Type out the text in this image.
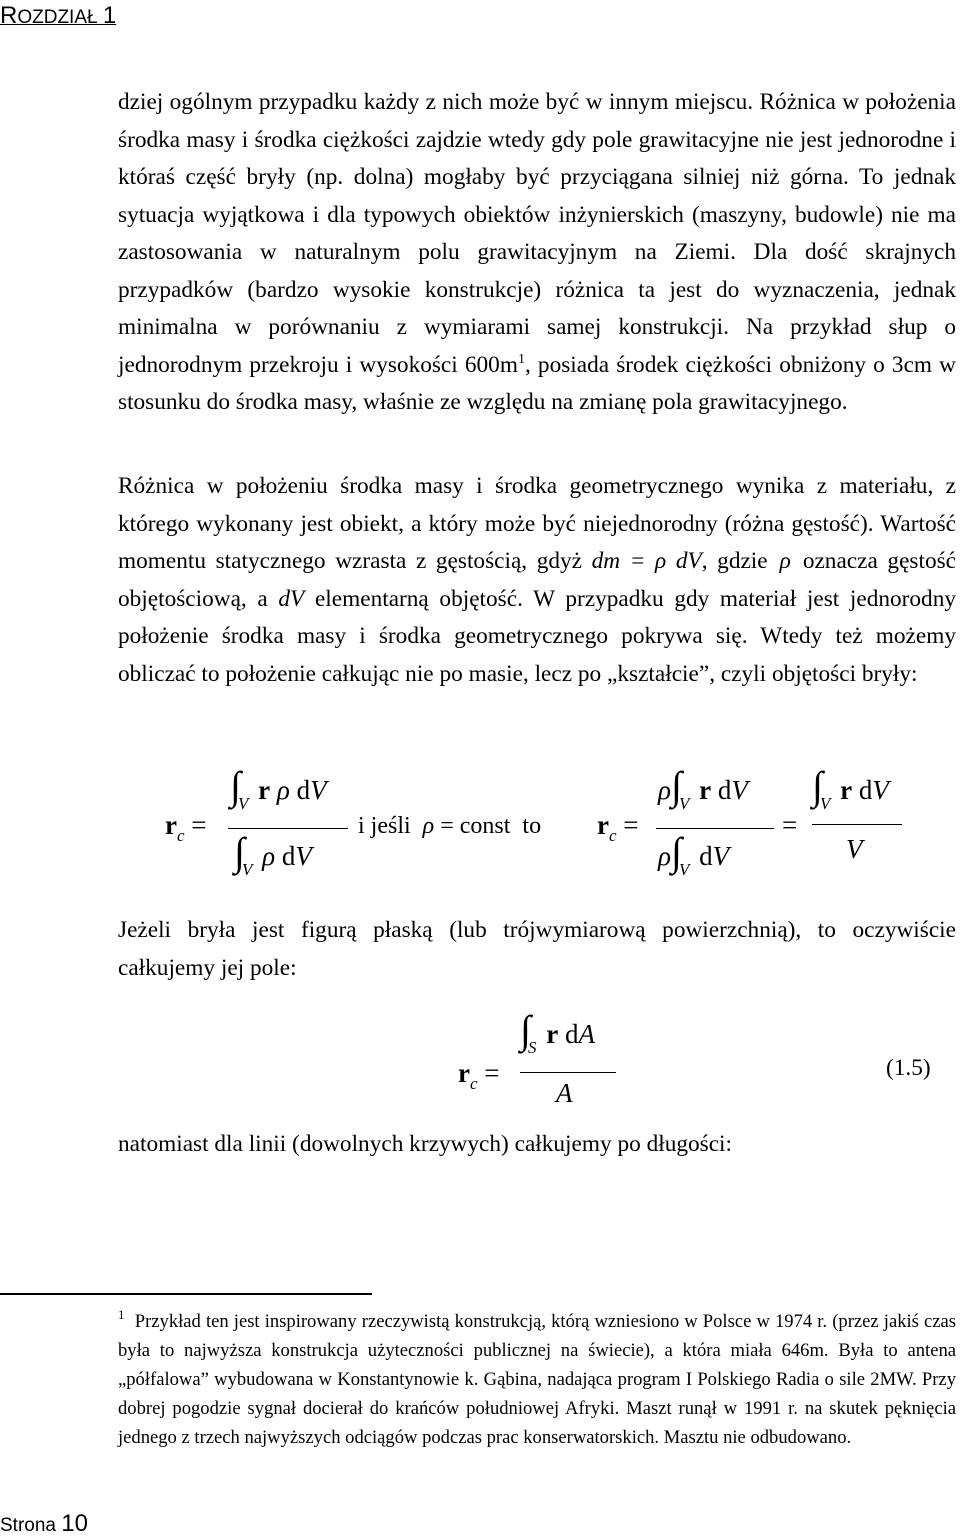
ROZDZIAŁ 1

dziej ogólnym przypadku każdy z nich może być w innym miejscu. Różnica w położenia środka masy i środka ciężkości zajdzie wtedy gdy pole grawitacyjne nie jest jednorodne i któraś część bryły (np. dolna) mogłaby być przyciągana silniej niż górna. To jednak sytuacja wyjątkowa i dla typowych obiektów inżynierskich (maszyny, budowle) nie ma zastosowania w naturalnym polu grawitacyjnym na Ziemi. Dla dość skrajnych przypadków (bardzo wysokie konstrukcje) różnica ta jest do wyznaczenia, jednak minimalna w porównaniu z wymiarami samej konstrukcji. Na przykład słup o jednorodnym przekroju i wysokości $600m^1$, posiada środek ciężkości obniżony o 3cm w stosunku do środka masy, właśnie ze względu na zmianę pola grawitacyjnego.

Różnica w położeniu środka masy i środka geometrycznego wynika z materiału, z którego wykonany jest obiekt, a który może być niejednorodny (różna gęstość). Wartość momentu statycznego wzrasta z gęstością, gdyż dm = ρ dV, gdzie ρ oznacza gęstość objętościową, a dV elementarną objętość. W przypadku gdy materiał jest jednorodny położenie środka masy i środka geometrycznego pokrywa się. Wtedy też możemy obliczać to położenie całkując nie po masie, lecz po „kształcie”, czyli objętości bryły:

$r_c$ =
$\int_V$ r ρ dV
$\int_V$ ρ dV
i jeśli ρ = const to $r_c$ =
$\rho\int_V$ r dV
$\rho\int_V$ dV
=
$\int_V$ r dV
V

Jeżeli bryła jest figurą płaską (lub trójwymiarową powierzchnią), to oczywiście całkujemy jej pole:

$r_c$ =
$\int_S$ r dA
A
(1.5)

natomiast dla linii (dowolnych krzywych) całkujemy po długości:

$^1$ Przykład ten jest inspirowany rzeczywistą konstrukcją, którą wzniesiono w Polsce w 1974 r. (przez jakiś czas była to najwyższa konstrukcja użyteczności publicznej na świecie), a która miała 646m. Była to antena „półfalowa” wybudowana w Konstantynowie k. Gąbina, nadająca program I Polskiego Radia o sile 2MW. Przy dobrej pogodzie sygnał docierał do krańców południowej Afryki. Maszt runął w 1991 r. na skutek pęknięcia jednego z trzech najwyższych odciągów podczas prac konserwatorskich. Masztu nie odbudowano.

Strona 10
